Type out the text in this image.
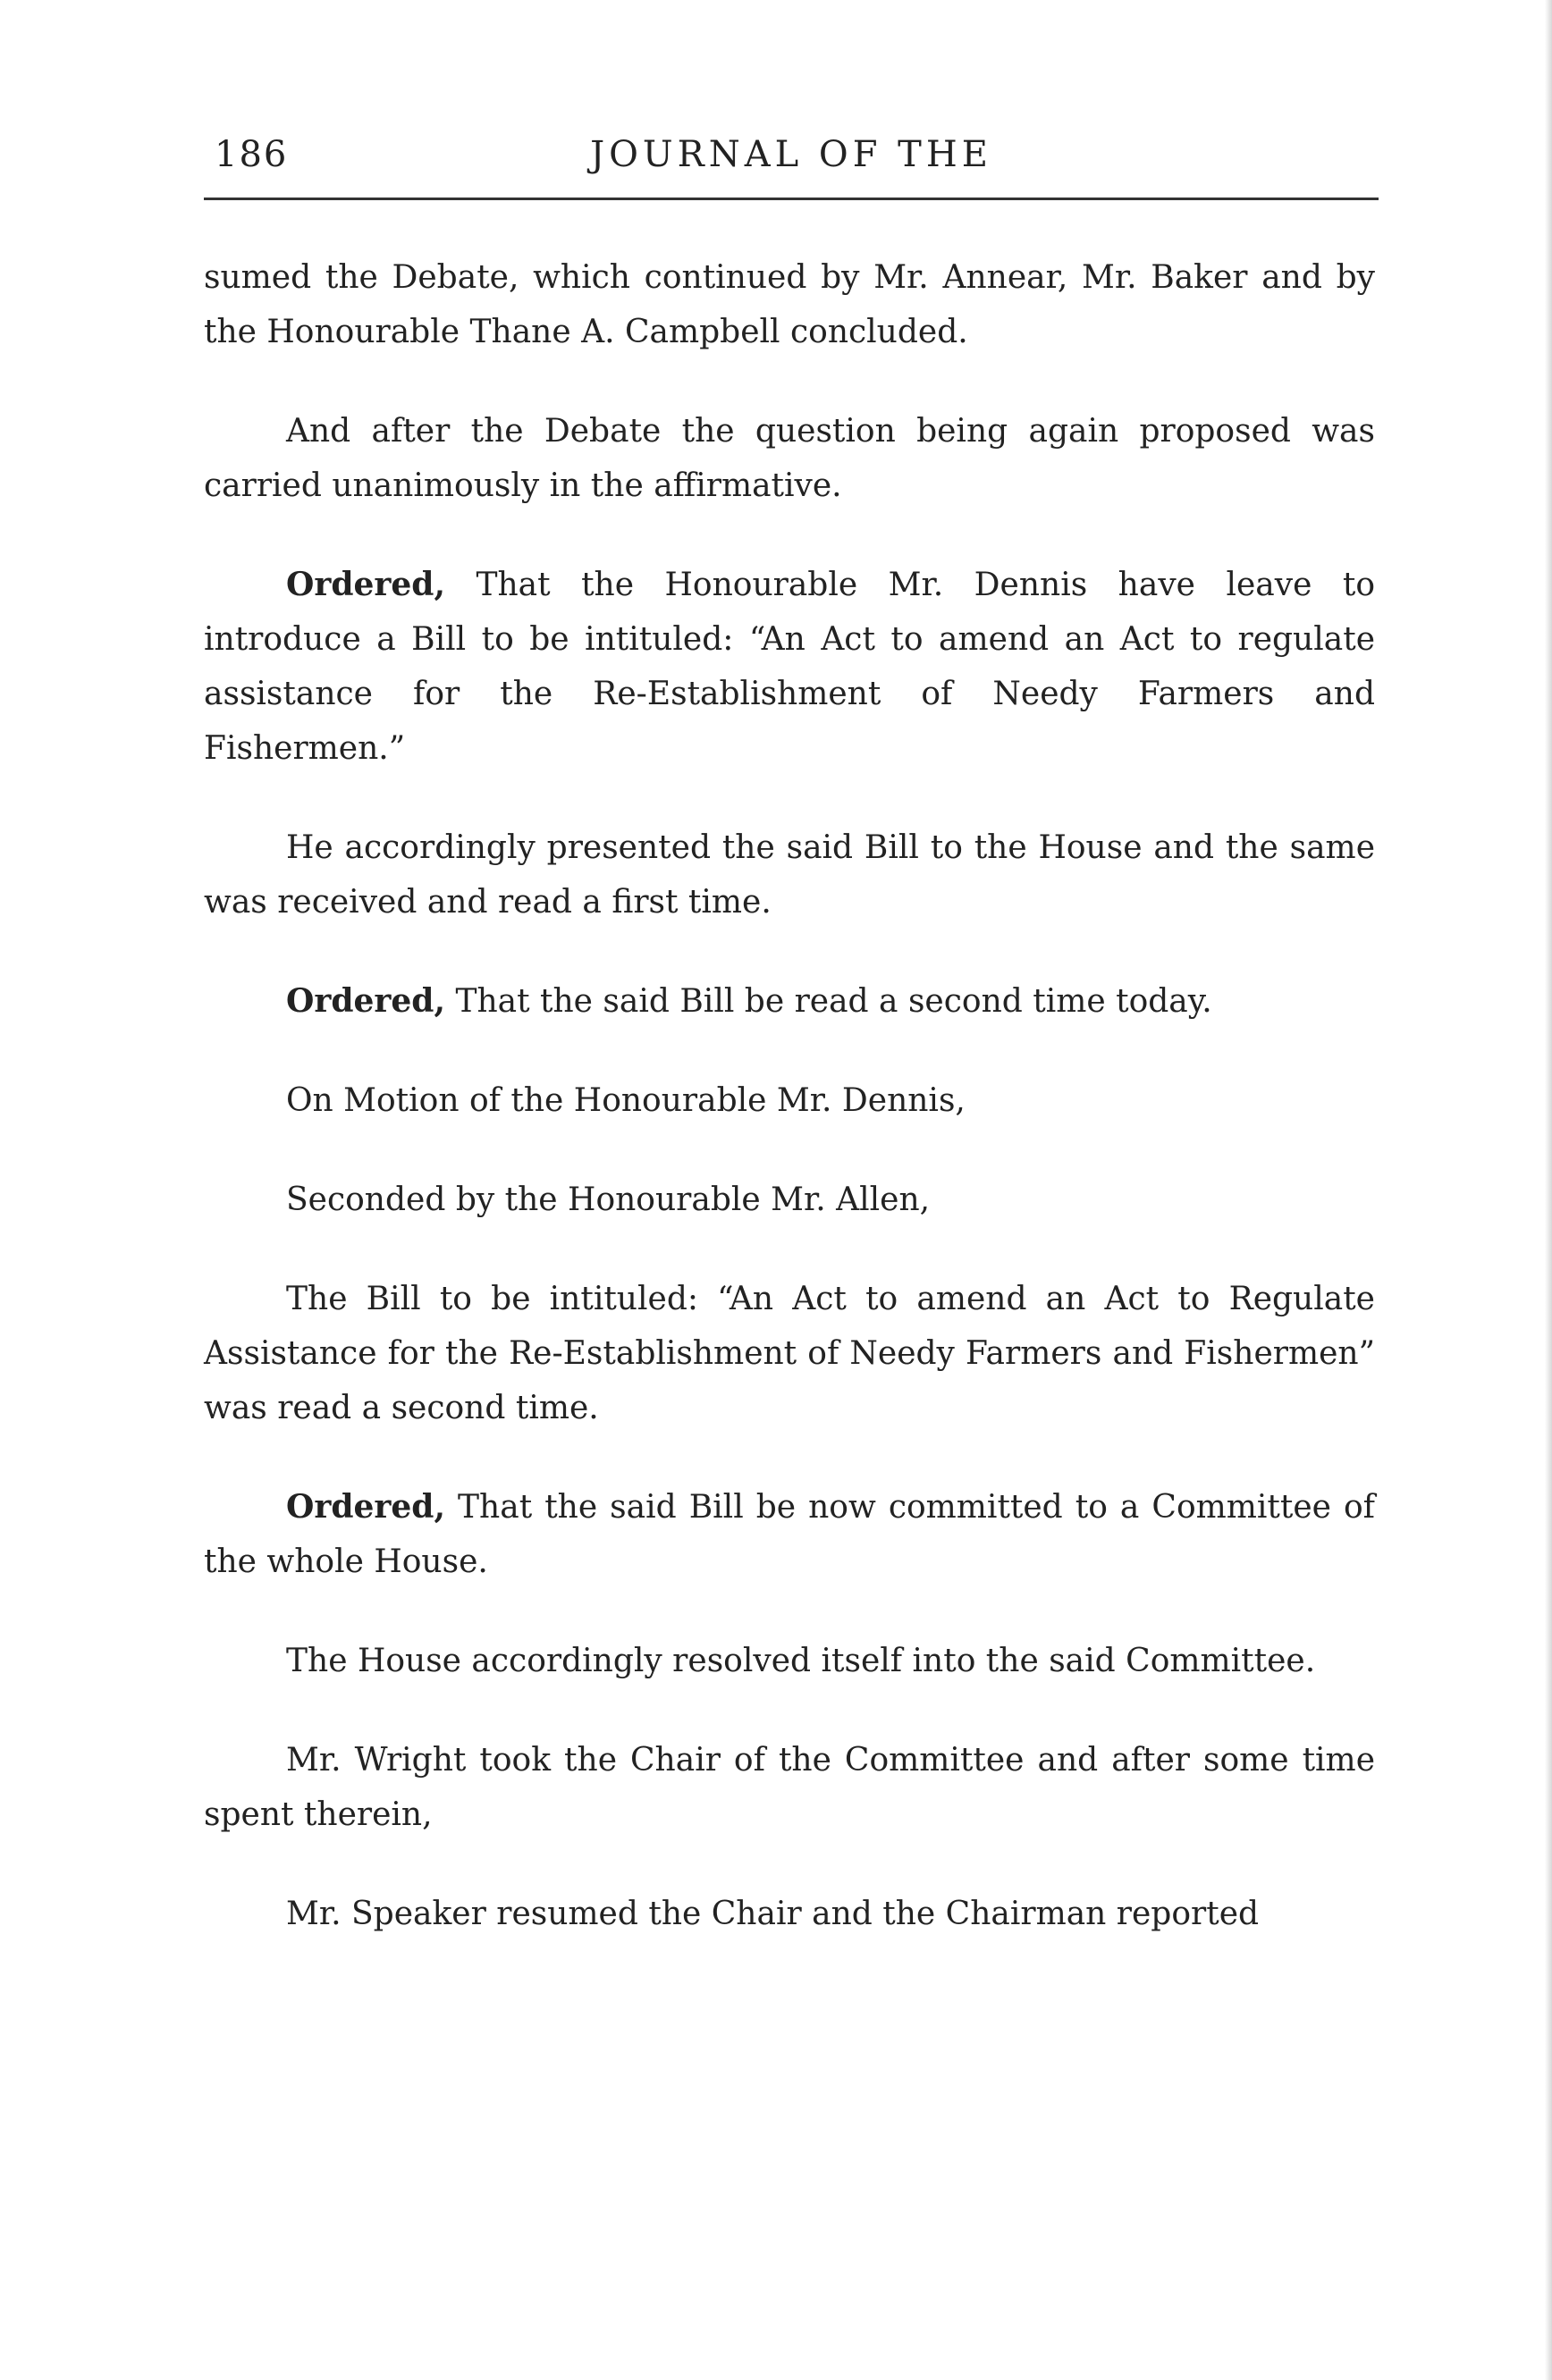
186	JOURNAL OF THE

sumed the Debate, which continued by Mr. Annear, Mr. Baker and by the Honourable Thane A. Campbell concluded.

And after the Debate the question being again proposed was carried unanimously in the affirmative.

Ordered, That the Honourable Mr. Dennis have leave to introduce a Bill to be intituled: “An Act to amend an Act to regulate assistance for the Re-Establishment of Needy Farmers and Fishermen.”

He accordingly presented the said Bill to the House and the same was received and read a first time.

Ordered, That the said Bill be read a second time today.

On Motion of the Honourable Mr. Dennis,

Seconded by the Honourable Mr. Allen,

The Bill to be intituled: “An Act to amend an Act to Regulate Assistance for the Re-Establishment of Needy Farmers and Fishermen” was read a second time.

Ordered, That the said Bill be now committed to a Committee of the whole House.

The House accordingly resolved itself into the said Committee.

Mr. Wright took the Chair of the Committee and after some time spent therein,

Mr. Speaker resumed the Chair and the Chairman reported
